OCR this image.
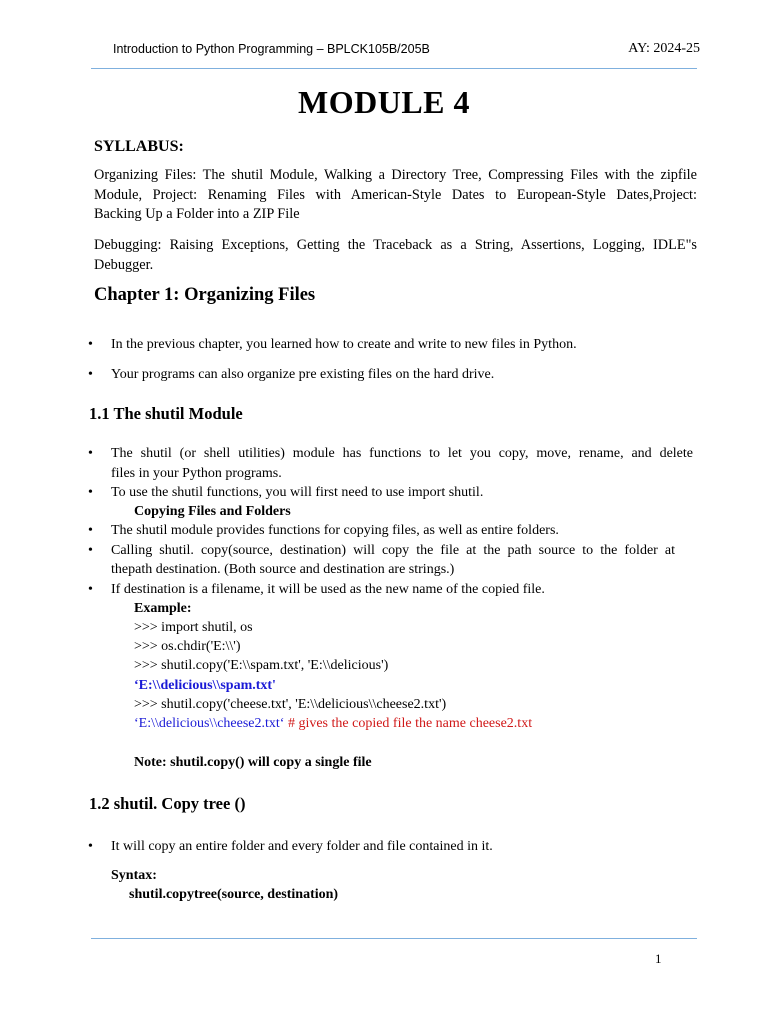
Introduction to Python Programming – BPLCK105B/205B	AY: 2024-25
MODULE 4
SYLLABUS:
Organizing Files: The shutil Module, Walking a Directory Tree, Compressing Files with the zipfile
Module, Project: Renaming Files with American-Style Dates to European-Style Dates,Project:
Backing Up a Folder into a ZIP File
Debugging: Raising Exceptions, Getting the Traceback as a String, Assertions, Logging, IDLE"s
Debugger.
Chapter 1: Organizing Files
• In the previous chapter, you learned how to create and write to new files in Python.
• Your programs can also organize pre existing files on the hard drive.
1.1 The shutil Module
• The shutil (or shell utilities) module has functions to let you copy, move, rename, and delete
files in your Python programs.
• To use the shutil functions, you will first need to use import shutil.
Copying Files and Folders
• The shutil module provides functions for copying files, as well as entire folders.
• Calling shutil. copy(source, destination) will copy the file at the path source to the folder at
thepath destination. (Both source and destination are strings.)
• If destination is a filename, it will be used as the new name of the copied file.
Example:
>>> import shutil, os
>>> os.chdir('E:\\')
>>> shutil.copy('E:\\spam.txt', 'E:\\delicious')
‘E:\\delicious\\spam.txt'
>>> shutil.copy('cheese.txt', 'E:\\delicious\\cheese2.txt')
‘E:\\delicious\\cheese2.txt‘ # gives the copied file the name cheese2.txt
Note: shutil.copy() will copy a single file
1.2 shutil. Copy tree ()
• It will copy an entire folder and every folder and file contained in it.
Syntax:
shutil.copytree(source, destination)
1
